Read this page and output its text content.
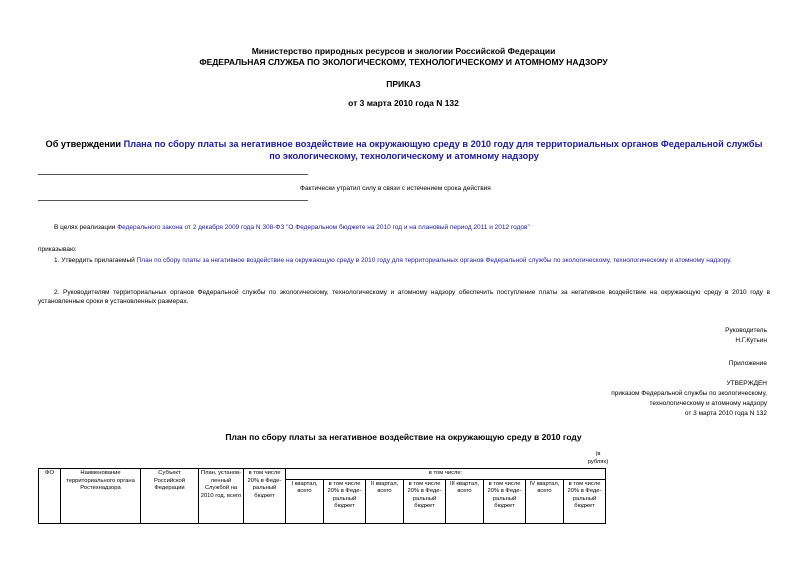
Министерство природных ресурсов и экологии Российской Федерации
ФЕДЕРАЛЬНАЯ СЛУЖБА ПО ЭКОЛОГИЧЕСКОМУ, ТЕХНОЛОГИЧЕСКОМУ И АТОМНОМУ НАДЗОРУ
ПРИКАЗ
от 3 марта 2010 года N 132
Об утверждении Плана по сбору платы за негативное воздействие на окружающую среду в 2010 году для территориальных органов Федеральной службы по экологическому, технологическому и атомному надзору
Фактически утратил силу в связи с истечением срока действия
В целях реализации Федерального закона от 2 декабря 2009 года N 308-ФЗ "О Федеральном бюджете на 2010 год и на плановый период 2011 и 2012 годов"
приказываю:
1. Утвердить прилагаемый План по сбору платы за негативное воздействие на окружающую среду в 2010 году для территориальных органов Федеральной службы по экологическому, технологическому и атомному надзору.
2. Руководителям территориальных органов Федеральной службы по экологическому, технологическому и атомному надзору обеспечить поступление платы за негативное воздействие на окружающую среду в 2010 году в установленные сроки в установленных размерах.
Руководитель
Н.Г.Кутьин
Приложение
УТВЕРЖДЕН
приказом Федеральной службы по экологическому,
технологическому и атомному надзору
от 3 марта 2010 года N 132
План по сбору платы за негативное воздействие на окружающую среду в 2010 году
(в
рублях)
ФО	Наименование территориального органа Ростехнадзора	Субъект Российской Федерации	План, установ-ленный Службой на 2010 год, всего	в том числе 20% в Феде-ральный бюджет	в том числе:							
					I квартал, всего	в том числе 20% в Феде-ральный бюджет	II квартал, всего	в том числе 20% в Феде-ральный бюджет	III квартал, всего	в том числе 20% в Феде-ральный бюджет	IV квартал, всего	в том числе 20% в Феде-ральный бюджет
